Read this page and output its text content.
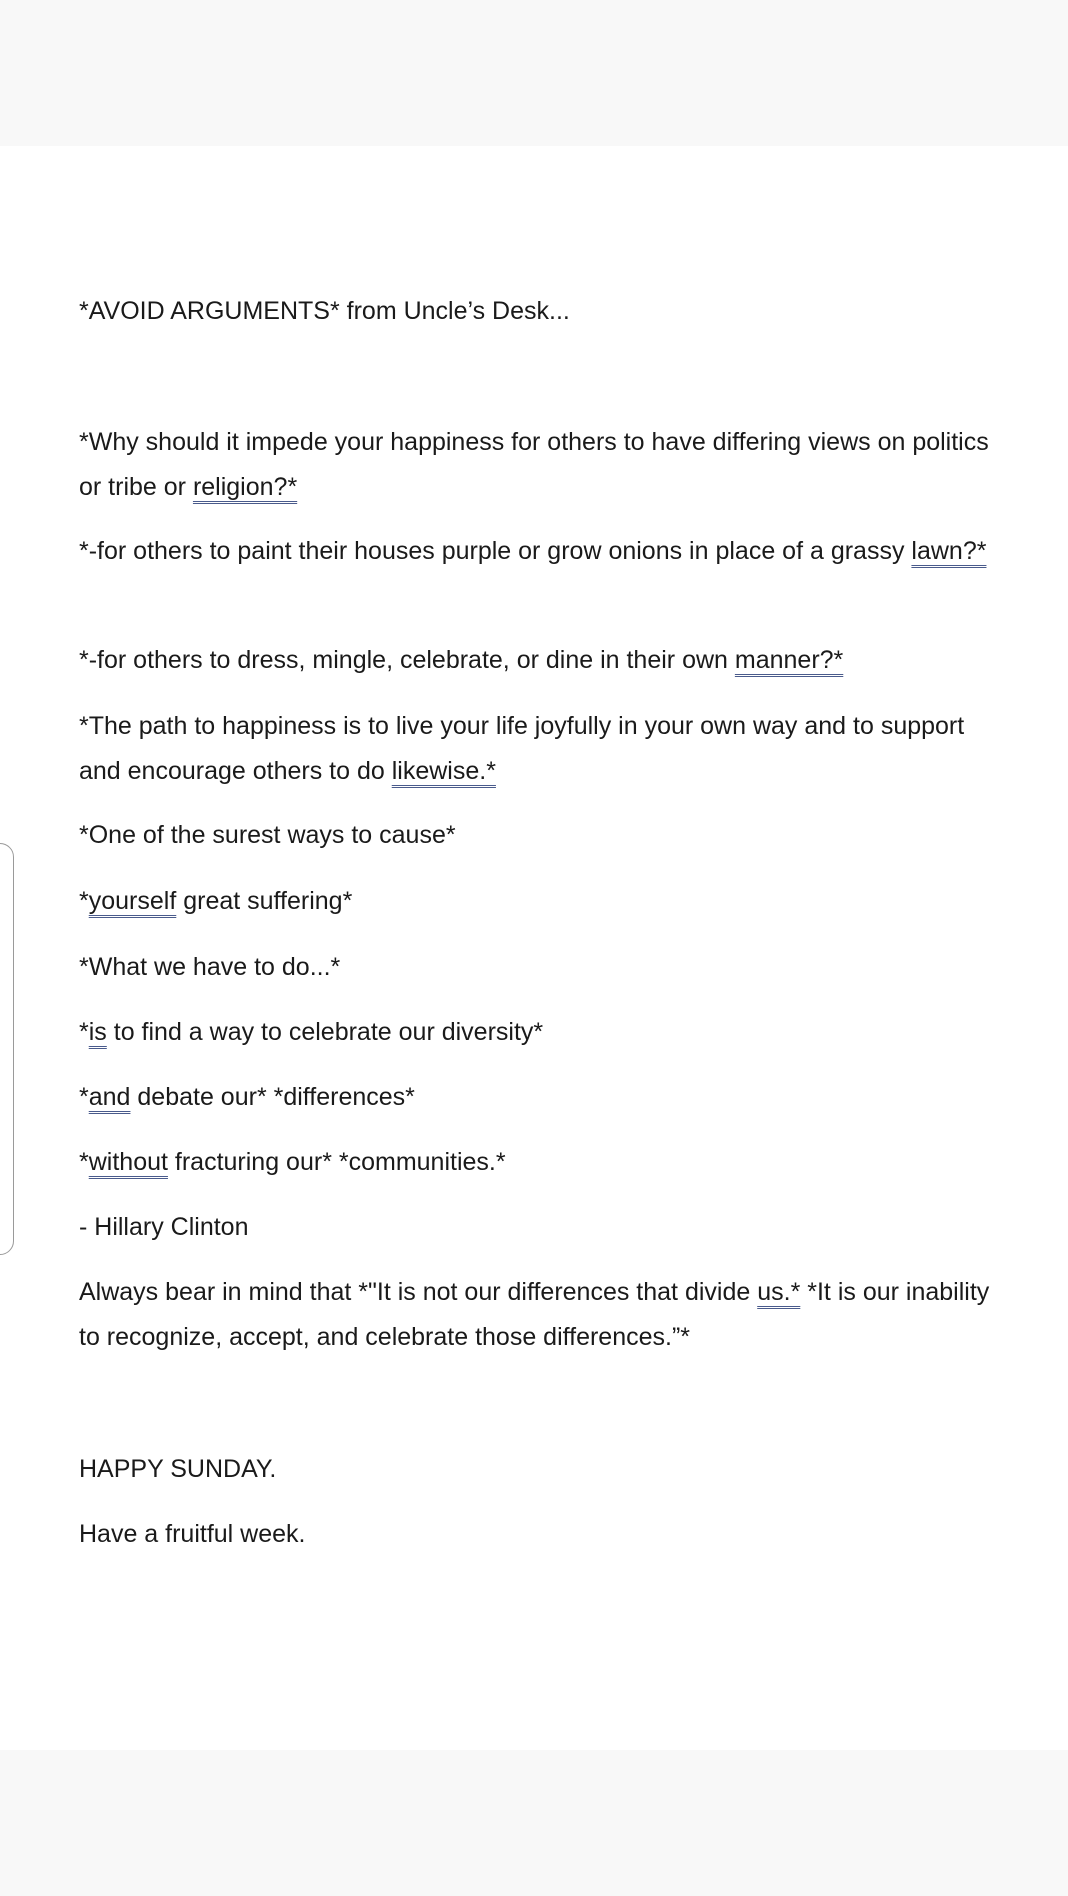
*AVOID ARGUMENTS* from Uncle’s Desk...

*Why should it impede your happiness for others to have differing views on politics or tribe or religion?*

*-for others to paint their houses purple or grow onions in place of a grassy lawn?*

*-for others to dress, mingle, celebrate, or dine in their own manner?*

*The path to happiness is to live your life joyfully in your own way and to support and encourage others to do likewise.*

*One of the surest ways to cause*

*yourself great suffering*

*What we have to do...*

*is to find a way to celebrate our diversity*

*and debate our* *differences*

*without fracturing our* *communities.*

- Hillary Clinton

Always bear in mind that *"It is not our differences that divide us.* *It is our inability to recognize, accept, and celebrate those differences.”*

HAPPY SUNDAY.

Have a fruitful week.
